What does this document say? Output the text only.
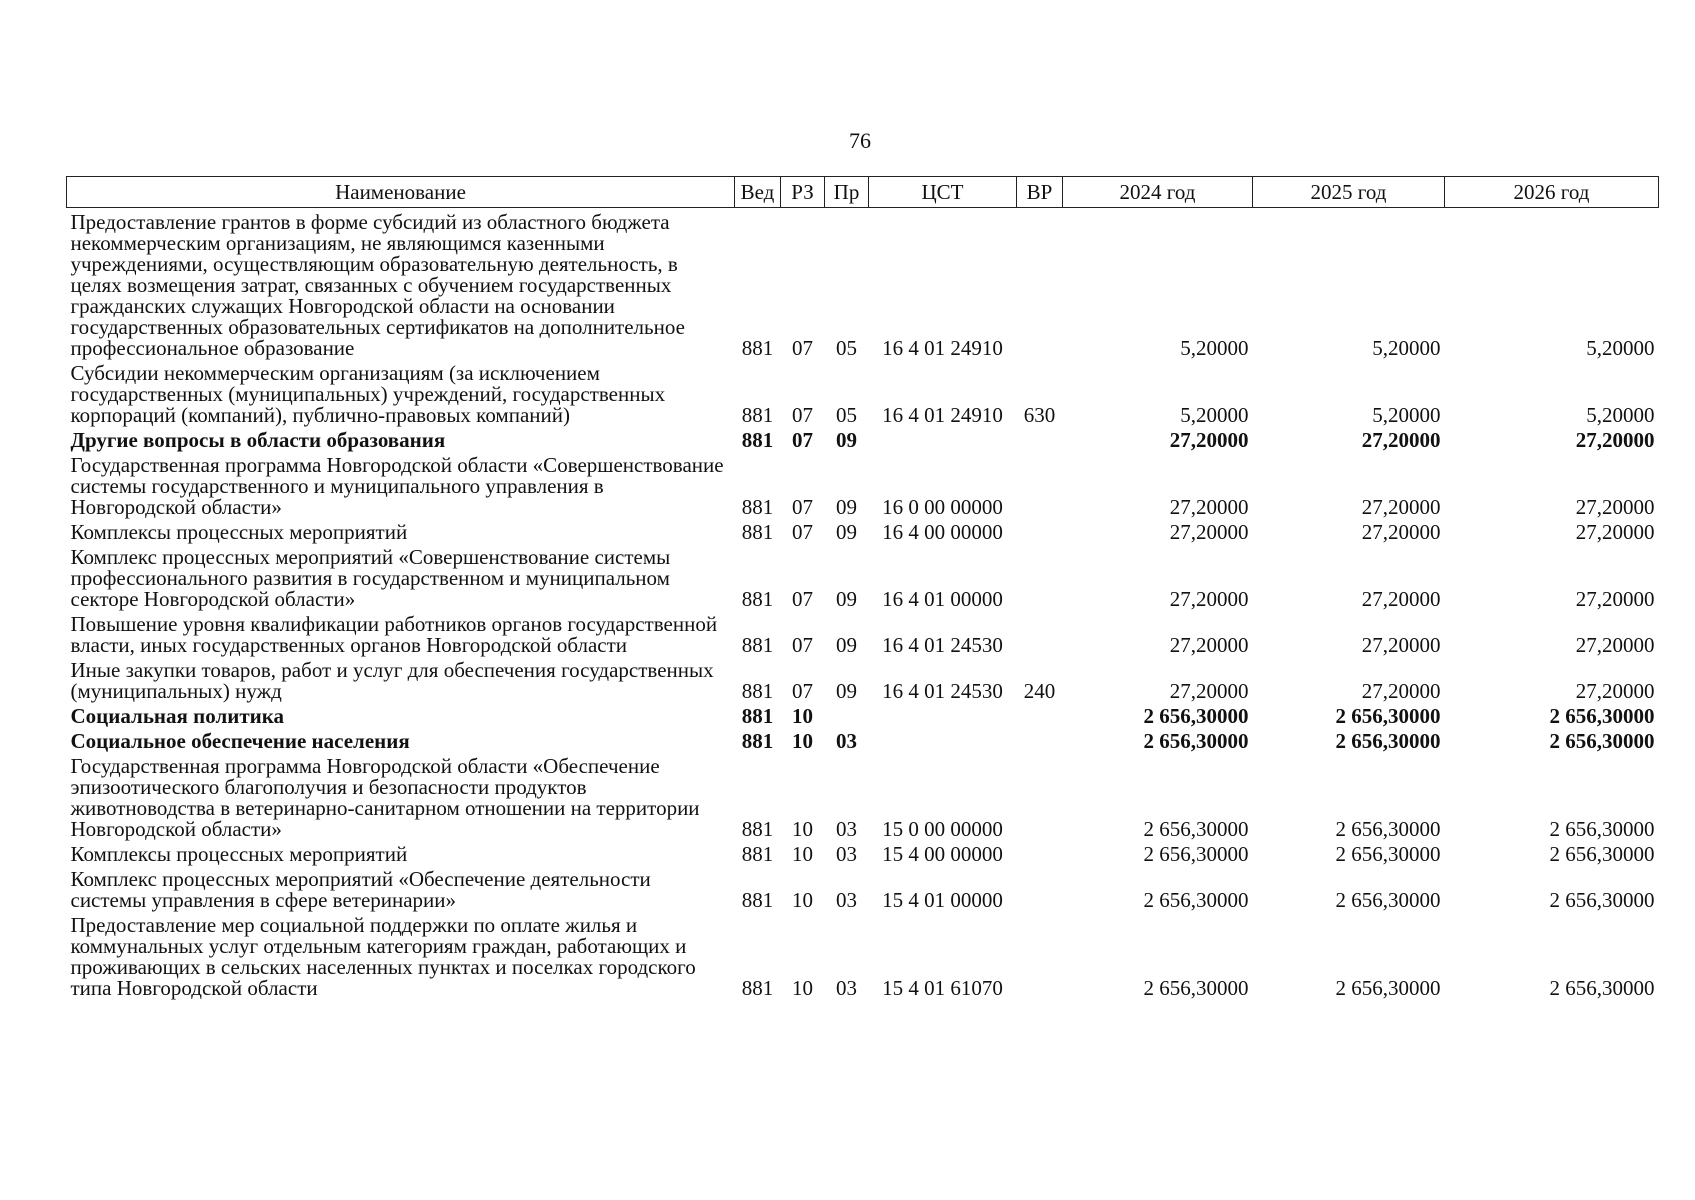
76
Наименование	Вед	РЗ	Пр	ЦСТ	ВР	2024 год	2025 год	2026 год
Предоставление грантов в форме субсидий из областного бюджета некоммерческим организациям, не являющимся казенными учреждениями, осуществляющим образовательную деятельность, в целях возмещения затрат, связанных с обучением государственных гражданских служащих Новгородской области на основании государственных образовательных сертификатов на дополнительное профессиональное образование	881	07	05	16 4 01 24910		5,20000	5,20000	5,20000
Субсидии некоммерческим организациям (за исключением государственных (муниципальных) учреждений, государственных корпораций (компаний), публично-правовых компаний)	881	07	05	16 4 01 24910	630	5,20000	5,20000	5,20000
Другие вопросы в области образования	881	07	09			27,20000	27,20000	27,20000
Государственная программа Новгородской области «Совершенствование системы государственного и муниципального управления в Новгородской области»	881	07	09	16 0 00 00000		27,20000	27,20000	27,20000
Комплексы процессных мероприятий	881	07	09	16 4 00 00000		27,20000	27,20000	27,20000
Комплекс процессных мероприятий «Совершенствование системы профессионального развития в государственном и муниципальном секторе Новгородской области»	881	07	09	16 4 01 00000		27,20000	27,20000	27,20000
Повышение уровня квалификации работников органов государственной власти, иных государственных органов Новгородской области	881	07	09	16 4 01 24530		27,20000	27,20000	27,20000
Иные закупки товаров, работ и услуг для обеспечения государственных (муниципальных) нужд	881	07	09	16 4 01 24530	240	27,20000	27,20000	27,20000
Социальная политика	881	10				2 656,30000	2 656,30000	2 656,30000
Социальное обеспечение населения	881	10	03			2 656,30000	2 656,30000	2 656,30000
Государственная программа Новгородской области «Обеспечение эпизоотического благополучия и безопасности продуктов животноводства в ветеринарно-санитарном отношении на территории Новгородской области»	881	10	03	15 0 00 00000		2 656,30000	2 656,30000	2 656,30000
Комплексы процессных мероприятий	881	10	03	15 4 00 00000		2 656,30000	2 656,30000	2 656,30000
Комплекс процессных мероприятий «Обеспечение деятельности системы управления в сфере ветеринарии»	881	10	03	15 4 01 00000		2 656,30000	2 656,30000	2 656,30000
Предоставление мер социальной поддержки по оплате жилья и коммунальных услуг отдельным категориям граждан, работающих и проживающих в сельских населенных пунктах и поселках городского типа Новгородской области	881	10	03	15 4 01 61070		2 656,30000	2 656,30000	2 656,30000
